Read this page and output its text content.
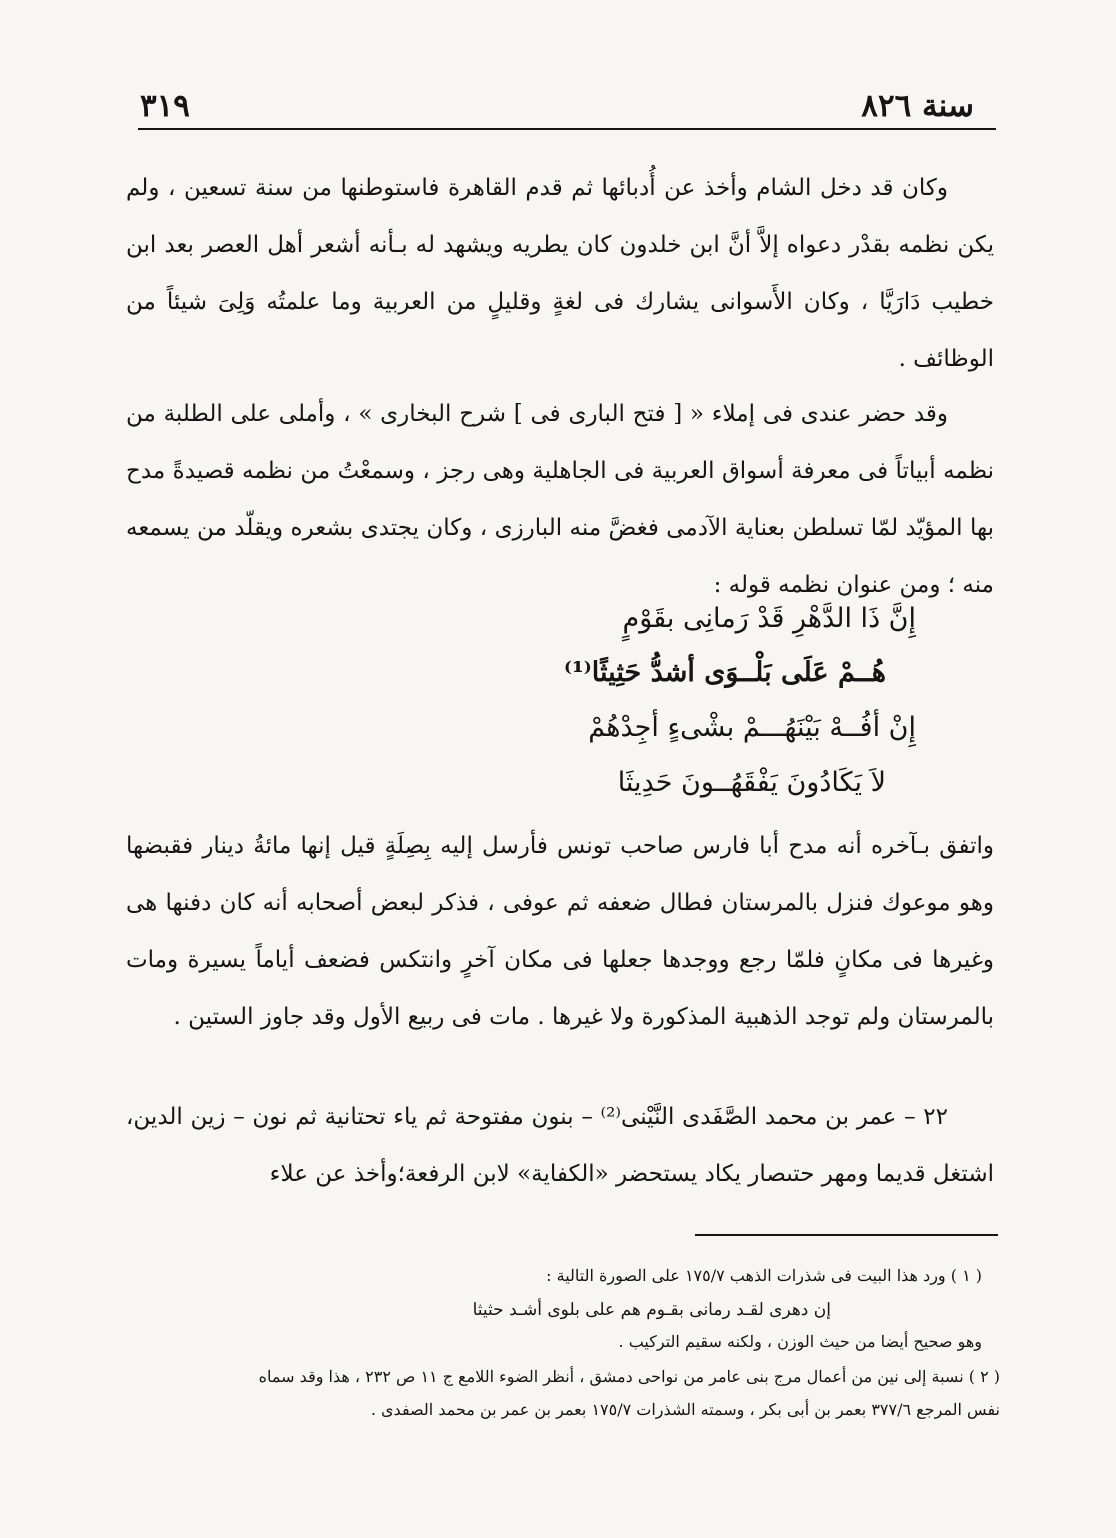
سنة ٨٢٦
٣١٩
وكان قد دخل الشام وأخذ عن أُدبائها ثم قدم القاهرة فاستوطنها من سنة تسعين ، ولم يكن نظمه بقدْر دعواه إلاَّ أنَّ ابن خلدون كان يطريه ويشهد له بـأنه أشعر أهل العصر بعد ابن خطيب دَارَيَّا ، وكان الأَسوانى يشارك فى لغةٍ وقليلٍ من العربية وما علمتُه وَلِىَ شيئاً من الوظائف .
وقد حضر عندى فى إملاء « [ فتح البارى فى ] شرح البخارى » ، وأملى على الطلبة من نظمه أبياتاً فى معرفة أسواق العربية فى الجاهلية وهى رجز ، وسمعْتُ من نظمه قصيدةً مدح بها المؤيّد لمّا تسلطن بعناية الآدمى فغضَّ منه البارزى ، وكان يجتدى بشعره ويقلّد من يسمعه منه ؛ ومن عنوان نظمه قوله :
إِنَّ ذَا الدَّهْرِ قَدْ رَمانِى بقَوْمٍ
هُــمْ عَلَى بَلْــوَى أشدُّ حَثِيثًا⁽¹⁾
إِنْ أفُــهْ بَيْنَهُـــمْ بشْىءٍ أجِدْهُمْ
لاَ يَكَادُونَ يَفْقَهُــونَ حَدِيثَا
واتفق بـآخره أنه مدح أبا فارس صاحب تونس فأرسل إليه بِصِلَةٍ قيل إنها مائةُ دينار فقبضها وهو موعوك فنزل بالمرستان فطال ضعفه ثم عوفى ، فذكر لبعض أصحابه أنه كان دفنها هى وغيرها فى مكانٍ فلمّا رجع ووجدها جعلها فى مكان آخرٍ وانتكس فضعف أياماً يسيرة ومات بالمرستان ولم توجد الذهبية المذكورة ولا غيرها . مات فى ربيع الأول وقد جاوز الستين .
٢٢ – عمر بن محمد الصَّفَدى النَّيْنى⁽²⁾ – بنون مفتوحة ثم ياء تحتانية ثم نون – زين الدين، اشتغل قديما ومهر حتىصار يكاد يستحضر «الكفاية» لابن الرفعة؛وأخذ عن علاء
( ١ ) ورد هذا البيت فى شذرات الذهب ١٧٥/٧ على الصورة التالية :
إن دهرى لقـد رمانى بقـوم هم على بلوى أشـد حثيثا
وهو صحيح أيضا من حيث الوزن ، ولكنه سقيم التركيب .
( ٢ ) نسبة إلى نين من أعمال مرج بنى عامر من نواحى دمشق ، أنظر الضوء اللامع ج ١١ ص ٢٣٢ ، هذا وقد سماه
نفس المرجع ٣٧٧/٦ بعمر بن أبى بكر ، وسمته الشذرات ١٧٥/٧ بعمر بن عمر بن محمد الصفدى .
